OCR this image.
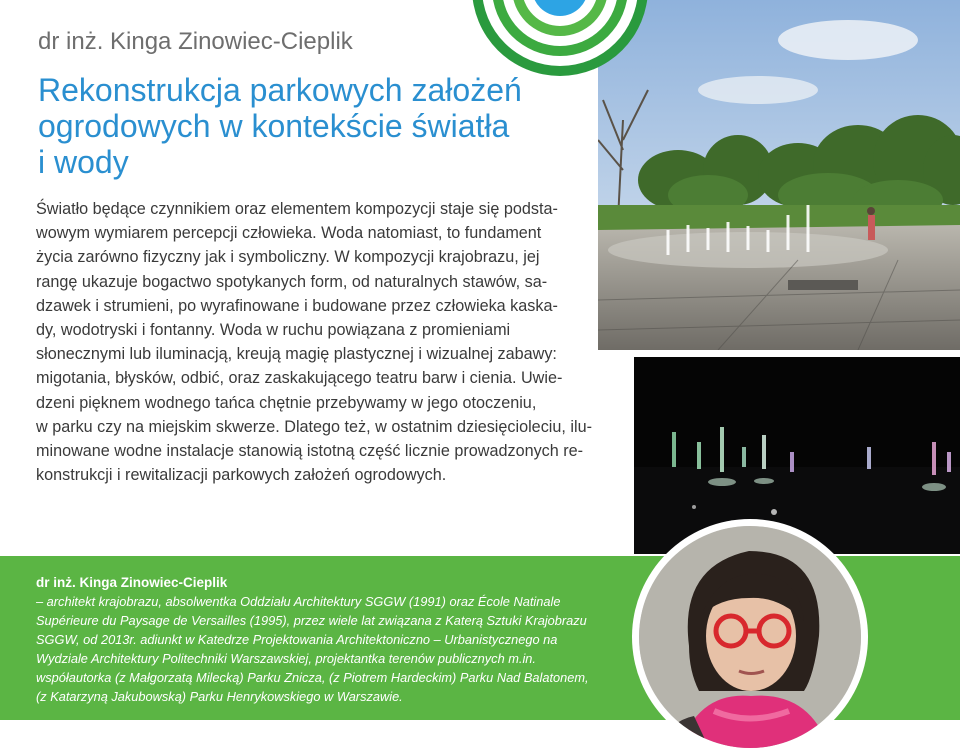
dr inż. Kinga Zinowiec-Cieplik
Rekonstrukcja parkowych założeń
ogrodowych w kontekście światła
i wody
Światło będące czynnikiem oraz elementem kompozycji staje się podsta-
wowym wymiarem percepcji człowieka. Woda natomiast, to fundament
życia zarówno fizyczny jak i symboliczny. W kompozycji krajobrazu, jej
rangę ukazuje bogactwo spotykanych form, od naturalnych stawów, sa-
dzawek i strumieni, po wyrafinowane i budowane przez człowieka kaska-
dy, wodotryski i fontanny. Woda w ruchu powiązana z promieniami
słonecznymi lub iluminacją, kreują magię plastycznej i wizualnej zabawy:
migotania, błysków, odbić, oraz zaskakującego teatru barw i cienia. Uwie-
dzeni pięknem wodnego tańca chętnie przebywamy w jego otoczeniu,
w parku czy na miejskim skwerze. Dlatego też, w ostatnim dziesięcioleciu, ilu-
minowane wodne instalacje stanowią istotną część licznie prowadzonych re-
konstrukcji i rewitalizacji parkowych założeń ogrodowych.
dr inż. Kinga Zinowiec-Cieplik
– architekt krajobrazu, absolwentka Oddziału Architektury SGGW (1991) oraz École Natinale
Supérieure du Paysage de Versailles (1995), przez wiele lat związana z Katerą Sztuki Krajobrazu
SGGW, od 2013r. adiunkt w Katedrze Projektowania Architektoniczno – Urbanistycznego na
Wydziale Architektury Politechniki Warszawskiej, projektantka terenów publicznych m.in.
współautorka (z Małgorzatą Milecką) Parku Znicza, (z Piotrem Hardeckim) Parku Nad Balatonem,
(z Katarzyną Jakubowską) Parku Henrykowskiego w Warszawie.
